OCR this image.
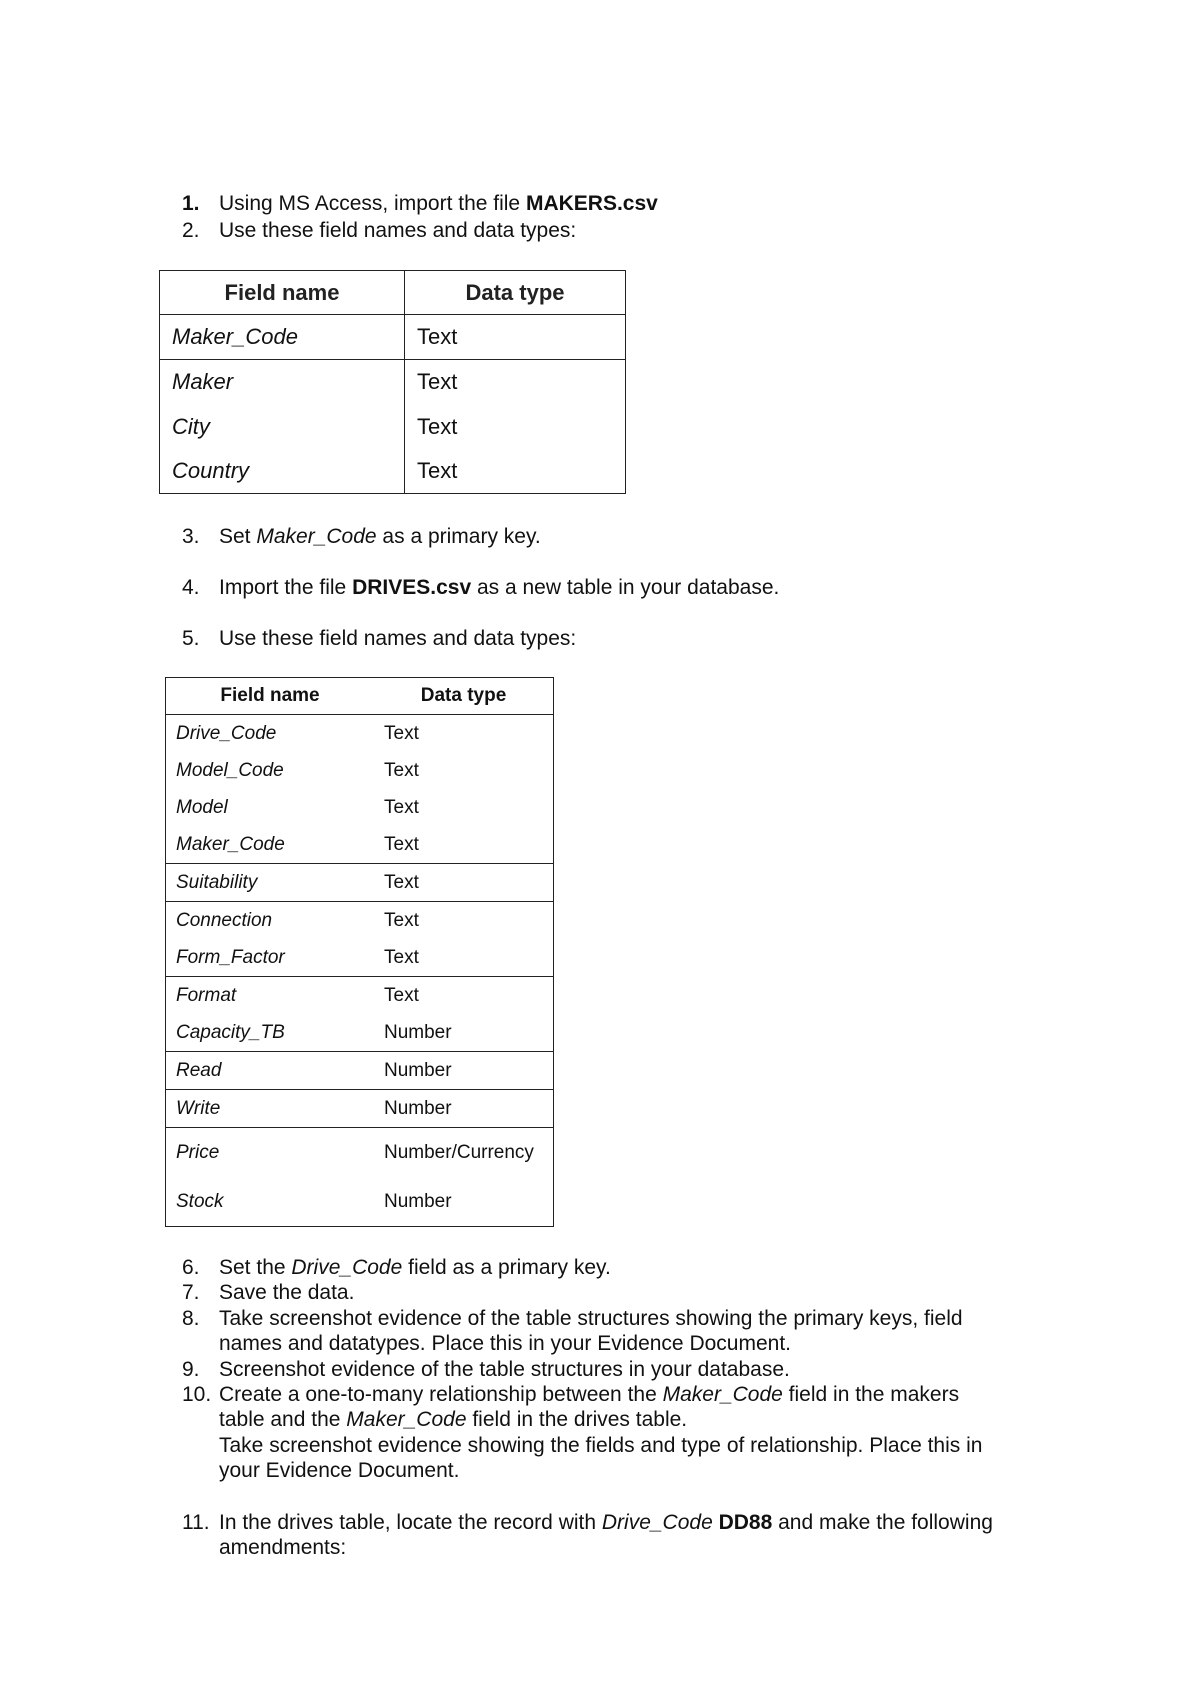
1. Using MS Access, import the file MAKERS.csv
2. Use these field names and data types:
Field name	Data type
Maker_Code	Text
Maker	Text
City	Text
Country	Text
3. Set Maker_Code as a primary key.
4. Import the file DRIVES.csv as a new table in your database.
5. Use these field names and data types:
Field name	Data type
Drive_Code	Text
Model_Code	Text
Model	Text
Maker_Code	Text
Suitability	Text
Connection	Text
Form_Factor	Text
Format	Text
Capacity_TB	Number
Read	Number
Write	Number
Price	Number/Currency
Stock	Number
6. Set the Drive_Code field as a primary key.
7. Save the data.
8. Take screenshot evidence of the table structures showing the primary keys, field
names and datatypes. Place this in your Evidence Document.
9. Screenshot evidence of the table structures in your database.
10. Create a one-to-many relationship between the Maker_Code field in the makers
table and the Maker_Code field in the drives table.
Take screenshot evidence showing the fields and type of relationship. Place this in
your Evidence Document.
11. In the drives table, locate the record with Drive_Code DD88 and make the following
amendments:
